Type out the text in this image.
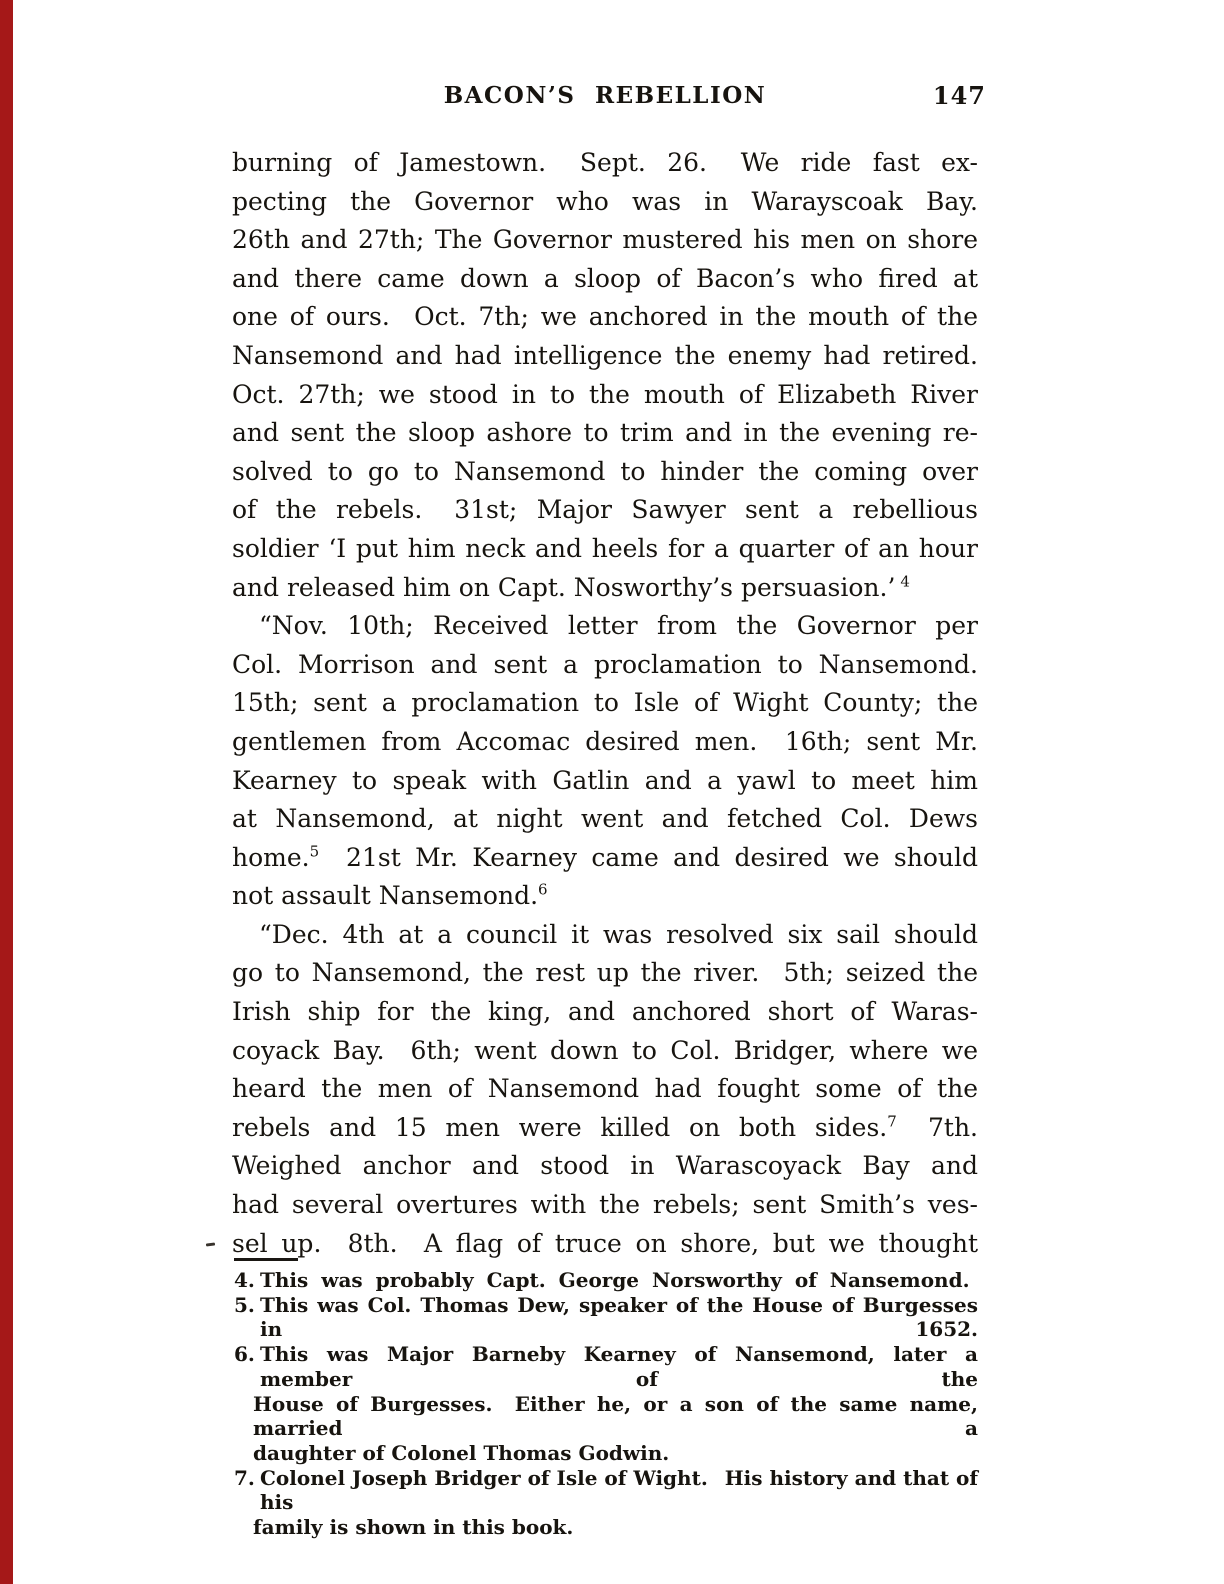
BACON’S REBELLION	147
burning of Jamestown.  Sept. 26.  We ride fast ex-
pecting the Governor who was in Warayscoak Bay.
26th and 27th; The Governor mustered his men on shore
and there came down a sloop of Bacon’s who fired at
one of ours.  Oct. 7th; we anchored in the mouth of the
Nansemond and had intelligence the enemy had retired.
Oct. 27th; we stood in to the mouth of Elizabeth River
and sent the sloop ashore to trim and in the evening re-
solved to go to Nansemond to hinder the coming over
of the rebels.  31st; Major Sawyer sent a rebellious
soldier ‘I put him neck and heels for a quarter of an hour
and released him on Capt. Nosworthy’s persuasion.’ $^4$
“Nov. 10th; Received letter from the Governor per
Col. Morrison and sent a proclamation to Nansemond.
15th; sent a proclamation to Isle of Wight County; the
gentlemen from Accomac desired men.  16th; sent Mr.
Kearney to speak with Gatlin and a yawl to meet him
at Nansemond, at night went and fetched Col. Dews
home.$^5$  21st Mr. Kearney came and desired we should
not assault Nansemond.$^6$
“Dec. 4th at a council it was resolved six sail should
go to Nansemond, the rest up the river.  5th; seized the
Irish ship for the king, and anchored short of Waras-
coyack Bay.  6th; went down to Col. Bridger, where we
heard the men of Nansemond had fought some of the
rebels and 15 men were killed on both sides.$^7$  7th.
Weighed anchor and stood in Warascoyack Bay and
had several overtures with the rebels; sent Smith’s ves-
sel up.  8th.  A flag of truce on shore, but we thought
4. This was probably Capt. George Norsworthy of Nansemond.
5. This was Col. Thomas Dew, speaker of the House of Burgesses in 1652.
6. This was Major Barneby Kearney of Nansemond, later a member of the
House of Burgesses.  Either he, or a son of the same name, married a
daughter of Colonel Thomas Godwin.
7. Colonel Joseph Bridger of Isle of Wight.  His history and that of his
family is shown in this book.
